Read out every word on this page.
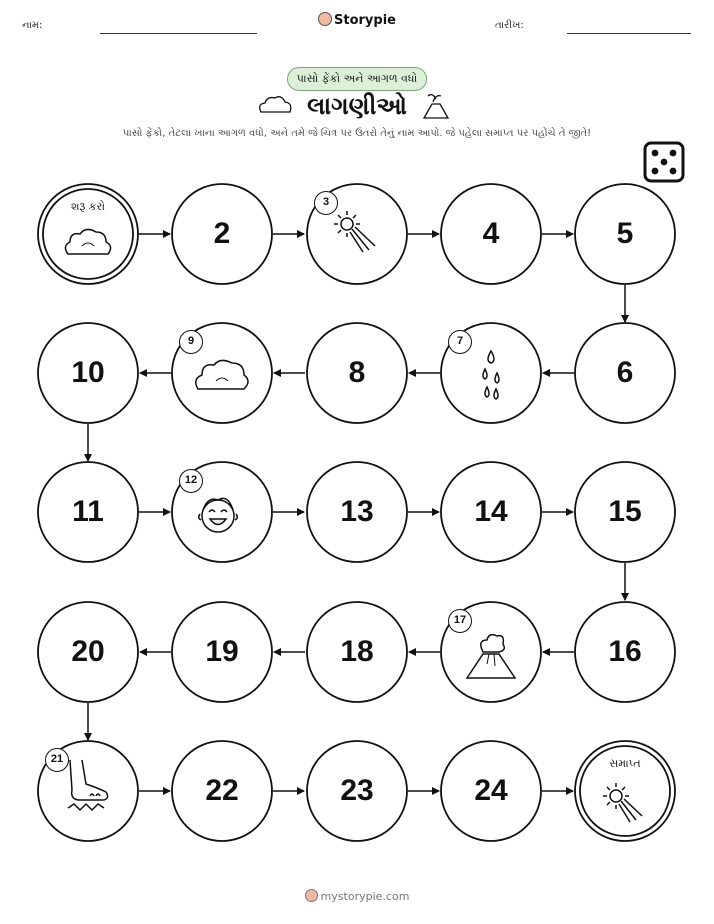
નામ:	Storypie	તારીખ:
પાસો ફેંકો અને આગળ વધો
લાગણીઓ
પાસો ફેંકો, તેટલા ખાના આગળ વધો, અને તમે જે ચિત્ર પર ઉતરો તેનું નામ આપો. જે પહેલા સમાપ્ત પર પહોંચે તે જીતે!
શરૂ કરો
સમાપ્ત
2
3
4	5
6
7
8
9
10
11
12
13	14	15
16
17
18
19
20
21
22	23	24
mystorypie.com
